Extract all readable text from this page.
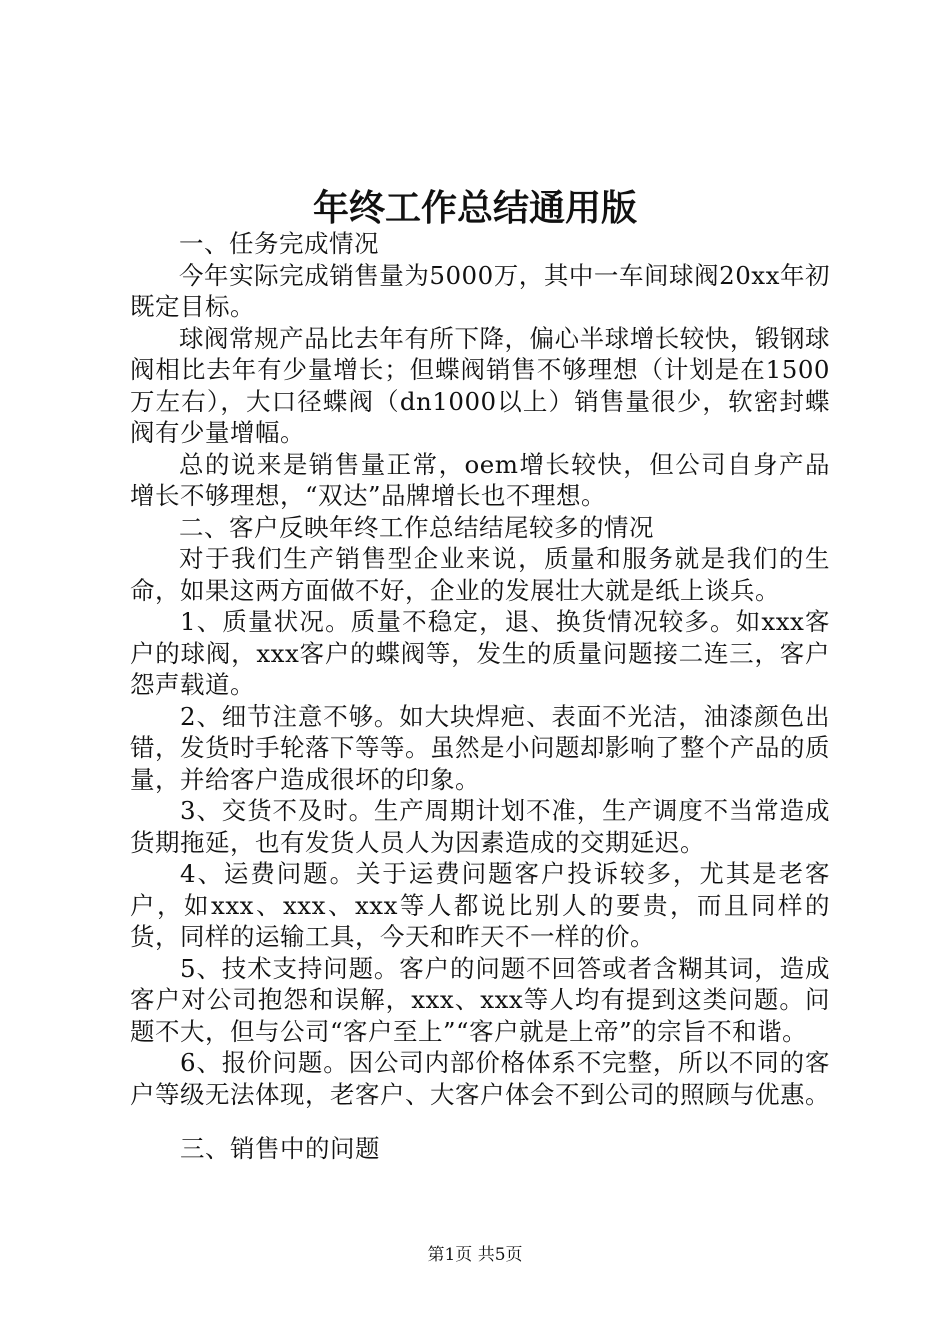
年终工作总结通用版

一、任务完成情况

今年实际完成销售量为5000万，其中一车间球阀20xx年初既定目标。

球阀常规产品比去年有所下降，偏心半球增长较快，锻钢球阀相比去年有少量增长；但蝶阀销售不够理想（计划是在1500万左右），大口径蝶阀（dn1000以上）销售量很少，软密封蝶阀有少量增幅。

总的说来是销售量正常，oem增长较快，但公司自身产品增长不够理想，“双达”品牌增长也不理想。

二、客户反映年终工作总结结尾较多的情况

对于我们生产销售型企业来说，质量和服务就是我们的生命，如果这两方面做不好，企业的发展壮大就是纸上谈兵。

1、质量状况。质量不稳定，退、换货情况较多。如xxx客户的球阀，xxx客户的蝶阀等，发生的质量问题接二连三，客户怨声载道。

2、细节注意不够。如大块焊疤、表面不光洁，油漆颜色出错，发货时手轮落下等等。虽然是小问题却影响了整个产品的质量，并给客户造成很坏的印象。

3、交货不及时。生产周期计划不准，生产调度不当常造成货期拖延，也有发货人员人为因素造成的交期延迟。

4、运费问题。关于运费问题客户投诉较多，尤其是老客户，如xxx、xxx、xxx等人都说比别人的要贵，而且同样的货，同样的运输工具，今天和昨天不一样的价。

5、技术支持问题。客户的问题不回答或者含糊其词，造成客户对公司抱怨和误解，xxx、xxx等人均有提到这类问题。问题不大，但与公司“客户至上”“客户就是上帝”的宗旨不和谐。

6、报价问题。因公司内部价格体系不完整，所以不同的客户等级无法体现，老客户、大客户体会不到公司的照顾与优惠。

三、销售中的问题

第1页 共5页
